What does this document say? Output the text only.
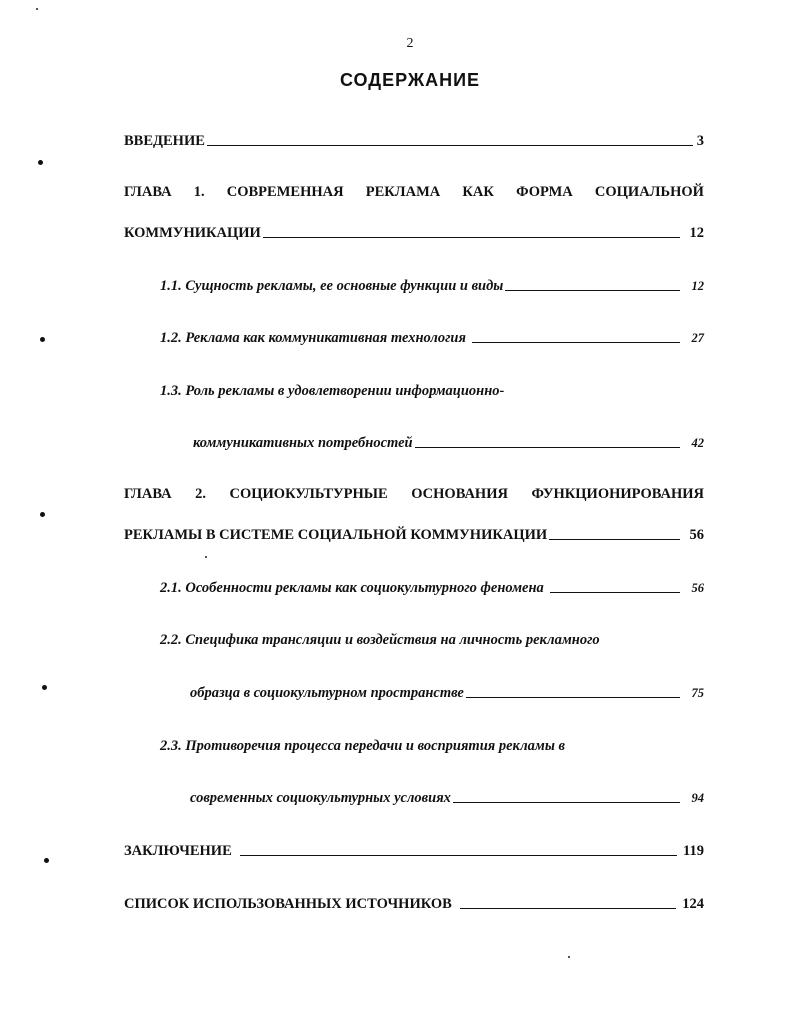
2
СОДЕРЖАНИЕ
ВВЕДЕНИЕ	3
ГЛАВА 1. СОВРЕМЕННАЯ РЕКЛАМА КАК ФОРМА СОЦИАЛЬНОЙ
КОММУНИКАЦИИ	12
1.1. Сущность рекламы, ее основные функции и виды	12
1.2. Реклама как коммуникативная технология	27
1.3. Роль рекламы в удовлетворении информационно-
коммуникативных потребностей	42
ГЛАВА 2. СОЦИОКУЛЬТУРНЫЕ ОСНОВАНИЯ ФУНКЦИОНИРОВАНИЯ
РЕКЛАМЫ В СИСТЕМЕ СОЦИАЛЬНОЙ КОММУНИКАЦИИ	56
2.1. Особенности рекламы как социокультурного феномена	56
2.2. Специфика трансляции и воздействия на личность рекламного
образца в социокультурном пространстве	75
2.3. Противоречия процесса передачи и восприятия рекламы в
современных социокультурных условиях	94
ЗАКЛЮЧЕНИЕ	119
СПИСОК ИСПОЛЬЗОВАННЫХ ИСТОЧНИКОВ	124
